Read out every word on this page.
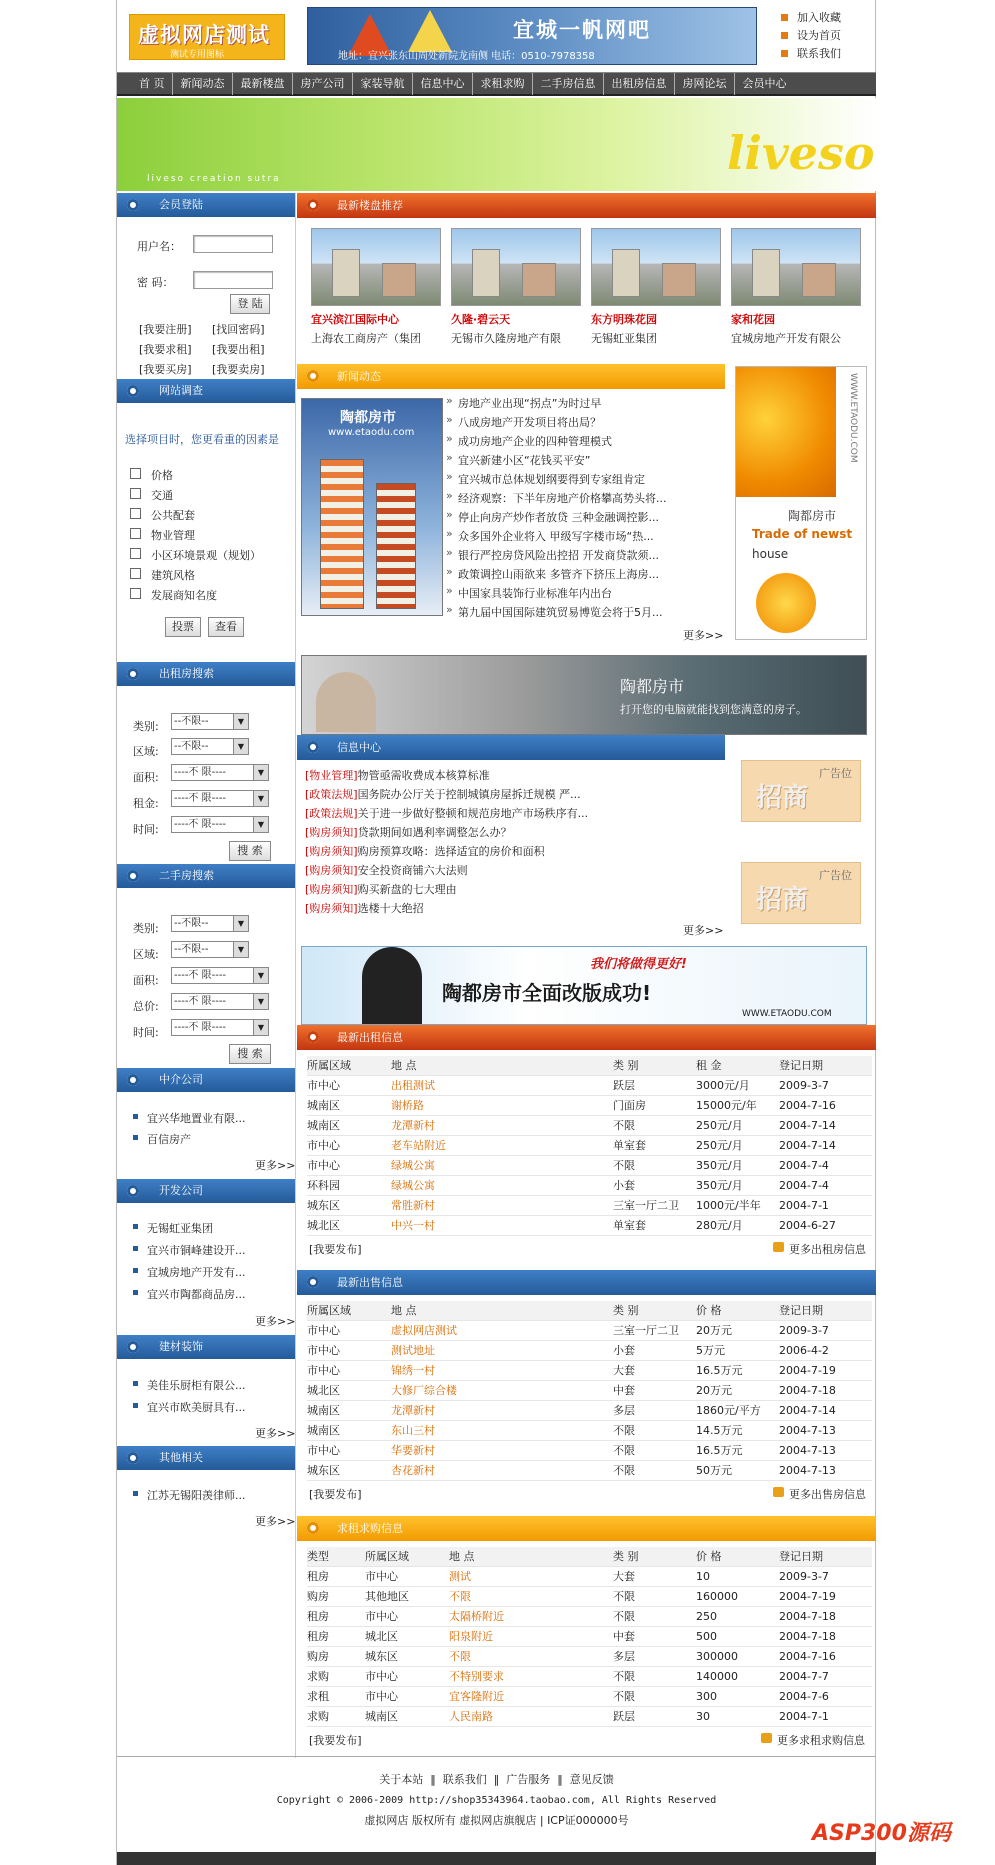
虚拟网店测试
测试专用图标
宜城一帆网吧
地址：宜兴张东山周处新院龙南侧 电话：0510-7978358
加入收藏
设为首页
联系我们
首 页	新闻动态	最新楼盘	房产公司	家装导航	信息中心	求租求购	二手房信息	出租房信息	房网论坛	会员中心
liveso
liveso creation sutra
会员登陆
用户名：
密 码：
登 陆
[我要注册] [找回密码]
[我要求租] [我要出租]
[我要买房] [我要卖房]
网站调查
选择项目时，您更看重的因素是
价格
交通
公共配套
物业管理
小区环境景观（规划）
建筑风格
发展商知名度
投票	查看
出租房搜索
类别:	--不限-- ▼
区域:	--不限-- ▼
面积:	----不 限---- ▼
租金:	----不 限---- ▼
时间:	----不 限---- ▼
搜 索
二手房搜索
类别:	--不限-- ▼
区域:	--不限-- ▼
面积:	----不 限---- ▼
总价:	----不 限---- ▼
时间:	----不 限---- ▼
搜 索
中介公司
宜兴华地置业有限...
百信房产
更多>>
开发公司
无锡虹亚集团
宜兴市铜峰建设开...
宜城房地产开发有...
宜兴市陶都商品房...
更多>>
建材装饰
美佳乐厨柜有限公...
宜兴市欧美厨具有...
更多>>
其他相关
江苏无锡阳羡律师...
更多>>
最新楼盘推荐
宜兴滨江国际中心	久隆·碧云天	东方明珠花园	家和花园
上海农工商房产（集团	无锡市久隆房地产有限	无锡虹亚集团	宜城房地产开发有限公
新闻动态
陶都房市
www.etaodu.com
» 房地产业出现“拐点”为时过早
» 八成房地产开发项目将出局？
» 成功房地产企业的四种管理模式
» 宜兴新建小区“花钱买平安”
» 宜兴城市总体规划纲要得到专家组肯定
» 经济观察：下半年房地产价格攀高势头将...
» 停止向房产炒作者放贷 三种金融调控影...
» 众多国外企业将入 甲级写字楼市场“热...
» 银行严控房贷风险出控招 开发商贷款须...
» 政策调控山雨欲来 多管齐下挤压上海房...
» 中国家具装饰行业标准年内出台
» 第九届中国国际建筑贸易博览会将于5月...
更多>>
WWW.ETAODU.COM
陶都房市
Trade of newst
house
陶都房市
打开您的电脑就能找到您满意的房子。
信息中心
[物业管理]物管亟需收费成本核算标准
[政策法规]国务院办公厅关于控制城镇房屋拆迁规模 严...
[政策法规]关于进一步做好整顿和规范房地产市场秩序有...
[购房须知]贷款期间如遇利率调整怎么办？
[购房须知]购房预算攻略：选择适宜的房价和面积
[购房须知]安全投资商铺六大法则
[购房须知]购买新盘的七大理由
[购房须知]选楼十大绝招
更多>>
招商
广告位
招商
广告位
我们将做得更好!
陶都房市全面改版成功!
WWW.ETAODU.COM
最新出租信息
所属区域	地 点	类 别	租 金	登记日期
市中心	出租测试	跃层	3000元/月	2009-3-7
城南区	谢桥路	门面房	15000元/年 2004-7-16
城南区	龙潭新村	不限	250元/月	2004-7-14
市中心	老车站附近	单室套	250元/月	2004-7-14
市中心	绿城公寓	不限	350元/月	2004-7-4
环科园	绿城公寓	小套	350元/月	2004-7-4
城东区	常胜新村	三室一厅二卫 1000元/半年 2004-7-1
城北区	中兴一村	单室套	280元/月	2004-6-27
[我要发布]	更多出租房信息
最新出售信息
所属区域	地 点	类 别	价 格	登记日期
市中心	虚拟网店测试	三室一厅二卫 20万元	2009-3-7
市中心	测试地址	小套	5万元	2006-4-2
市中心	锦绣一村	大套	16.5万元	2004-7-19
城北区	大修厂综合楼	中套	20万元	2004-7-18
城南区	龙潭新村	多层	1860元/平方 2004-7-14
城南区	东山三村	不限	14.5万元	2004-7-13
市中心	华要新村	不限	16.5万元	2004-7-13
城东区	杏花新村	不限	50万元	2004-7-13
[我要发布]	更多出售房信息
求租求购信息
类型	所属区域	地 点	类 别	价 格	登记日期
租房	市中心	测试	大套	10	2009-3-7
购房	其他地区	不限	不限	160000	2004-7-19
租房	市中心	太隔桥附近	不限	250	2004-7-18
租房	城北区	阳泉附近	中套	500	2004-7-18
购房	城东区	不限	多层	300000	2004-7-16
求购	市中心	不特别要求	不限	140000	2004-7-7
求租	市中心	宜客隆附近	不限	300	2004-7-6
求购	城南区	人民南路	跃层	30	2004-7-1
[我要发布]	更多求租求购信息
关于本站  ‖  联系我们  ‖  广告服务  ‖  意见反馈
Copyright © 2006-2009 http://shop35343964.taobao.com, All Rights Reserved
虚拟网店 版权所有 虚拟网店旗舰店 | ICP证000000号
ASP300源码
